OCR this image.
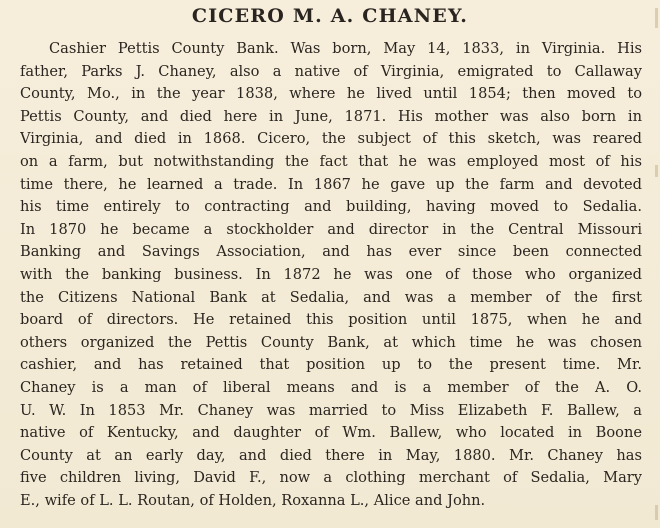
CICERO M. A. CHANEY.
Cashier Pettis County Bank. Was born, May 14, 1833, in Virginia. His
father, Parks J. Chaney, also a native of Virginia, emigrated to Callaway
County, Mo., in the year 1838, where he lived until 1854; then moved to
Pettis County, and died here in June, 1871. His mother was also born in
Virginia, and died in 1868. Cicero, the subject of this sketch, was reared
on a farm, but notwithstanding the fact that he was employed most of his
time there, he learned a trade. In 1867 he gave up the farm and devoted
his time entirely to contracting and building, having moved to Sedalia.
In 1870 he became a stockholder and director in the Central Missouri
Banking and Savings Association, and has ever since been connected
with the banking business. In 1872 he was one of those who organized
the Citizens National Bank at Sedalia, and was a member of the first
board of directors. He retained this position until 1875, when he and
others organized the Pettis County Bank, at which time he was chosen
cashier, and has retained that position up to the present time. Mr.
Chaney is a man of liberal means and is a member of the A. O.
U. W. In 1853 Mr. Chaney was married to Miss Elizabeth F. Ballew, a
native of Kentucky, and daughter of Wm. Ballew, who located in Boone
County at an early day, and died there in May, 1880. Mr. Chaney has
five children living, David F., now a clothing merchant of Sedalia, Mary
E., wife of L. L. Routan, of Holden, Roxanna L., Alice and John.
